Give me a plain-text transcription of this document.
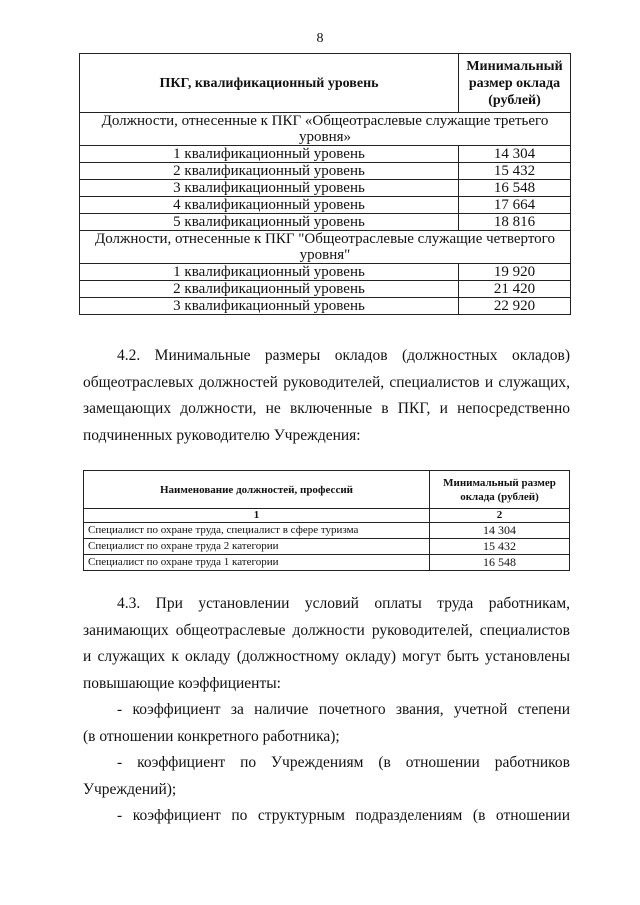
8
ПКГ, квалификационный уровень	Минимальный
размер оклада
(рублей)

Должности, отнесенные к ПКГ «Общеотраслевые служащие третьего уровня»	
1 квалификационный уровень	14 304
2 квалификационный уровень	15 432
3 квалификационный уровень	16 548
4 квалификационный уровень	17 664
5 квалификационный уровень	18 816
Должности, отнесенные к ПКГ "Общеотраслевые служащие четвертого уровня"	
1 квалификационный уровень	19 920
2 квалификационный уровень	21 420
3 квалификационный уровень	22 920

4.2. Минимальные размеры окладов (должностных окладов)

общеотраслевых должностей руководителей, специалистов и служащих,

замещающих должности, не включенные в ПКГ, и непосредственно

подчиненных руководителю Учреждения:

Наименование должностей, профессий	Минимальный размер
оклада (рублей)

1	2
Специалист по охране труда, специалист в сфере туризма	14 304
Специалист по охране труда 2 категории	15 432
Специалист по охране труда 1 категории	16 548

4.3. При установлении условий оплаты труда работникам,

занимающих общеотраслевые должности руководителей, специалистов

и служащих к окладу (должностному окладу) могут быть установлены

повышающие коэффициенты:

- коэффициент за наличие почетного звания, учетной степени

(в отношении конкретного работника);

- коэффициент по Учреждениям (в отношении работников

Учреждений);

- коэффициент по структурным подразделениям (в отношении
